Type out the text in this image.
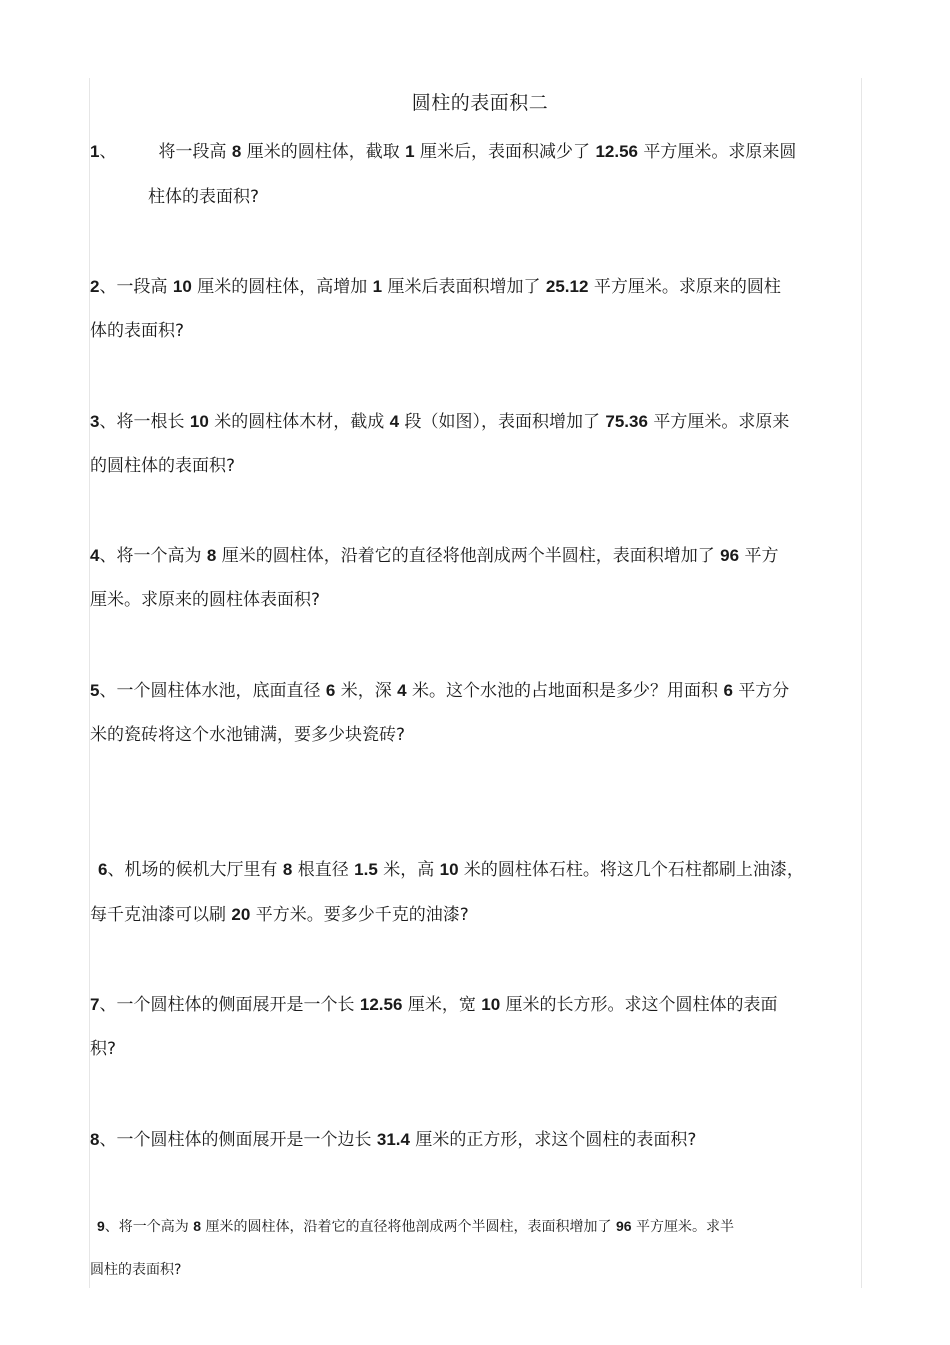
圆柱的表面积二
1、 将一段高 8 厘米的圆柱体，截取 1 厘米后，表面积减少了 12.56 平方厘米。求原来圆
柱体的表面积?
2、一段高 10 厘米的圆柱体，高增加 1 厘米后表面积增加了 25.12 平方厘米。求原来的圆柱
体的表面积?
3、将一根长 10 米的圆柱体木材，截成 4 段（如图），表面积增加了 75.36 平方厘米。求原来
的圆柱体的表面积?
4、将一个高为 8 厘米的圆柱体，沿着它的直径将他剖成两个半圆柱，表面积增加了 96 平方
厘米。求原来的圆柱体表面积?
5、一个圆柱体水池，底面直径 6 米，深 4 米。这个水池的占地面积是多少？用面积 6 平方分
米的瓷砖将这个水池铺满，要多少块瓷砖?
6、机场的候机大厅里有 8 根直径 1.5 米，高 10 米的圆柱体石柱。将这几个石柱都刷上油漆，
每千克油漆可以刷 20 平方米。要多少千克的油漆?
7、一个圆柱体的侧面展开是一个长 12.56 厘米，宽 10 厘米的长方形。求这个圆柱体的表面
积?
8、一个圆柱体的侧面展开是一个边长 31.4 厘米的正方形，求这个圆柱的表面积?
9、将一个高为 8 厘米的圆柱体，沿着它的直径将他剖成两个半圆柱，表面积增加了 96 平方厘米。求半
圆柱的表面积?
